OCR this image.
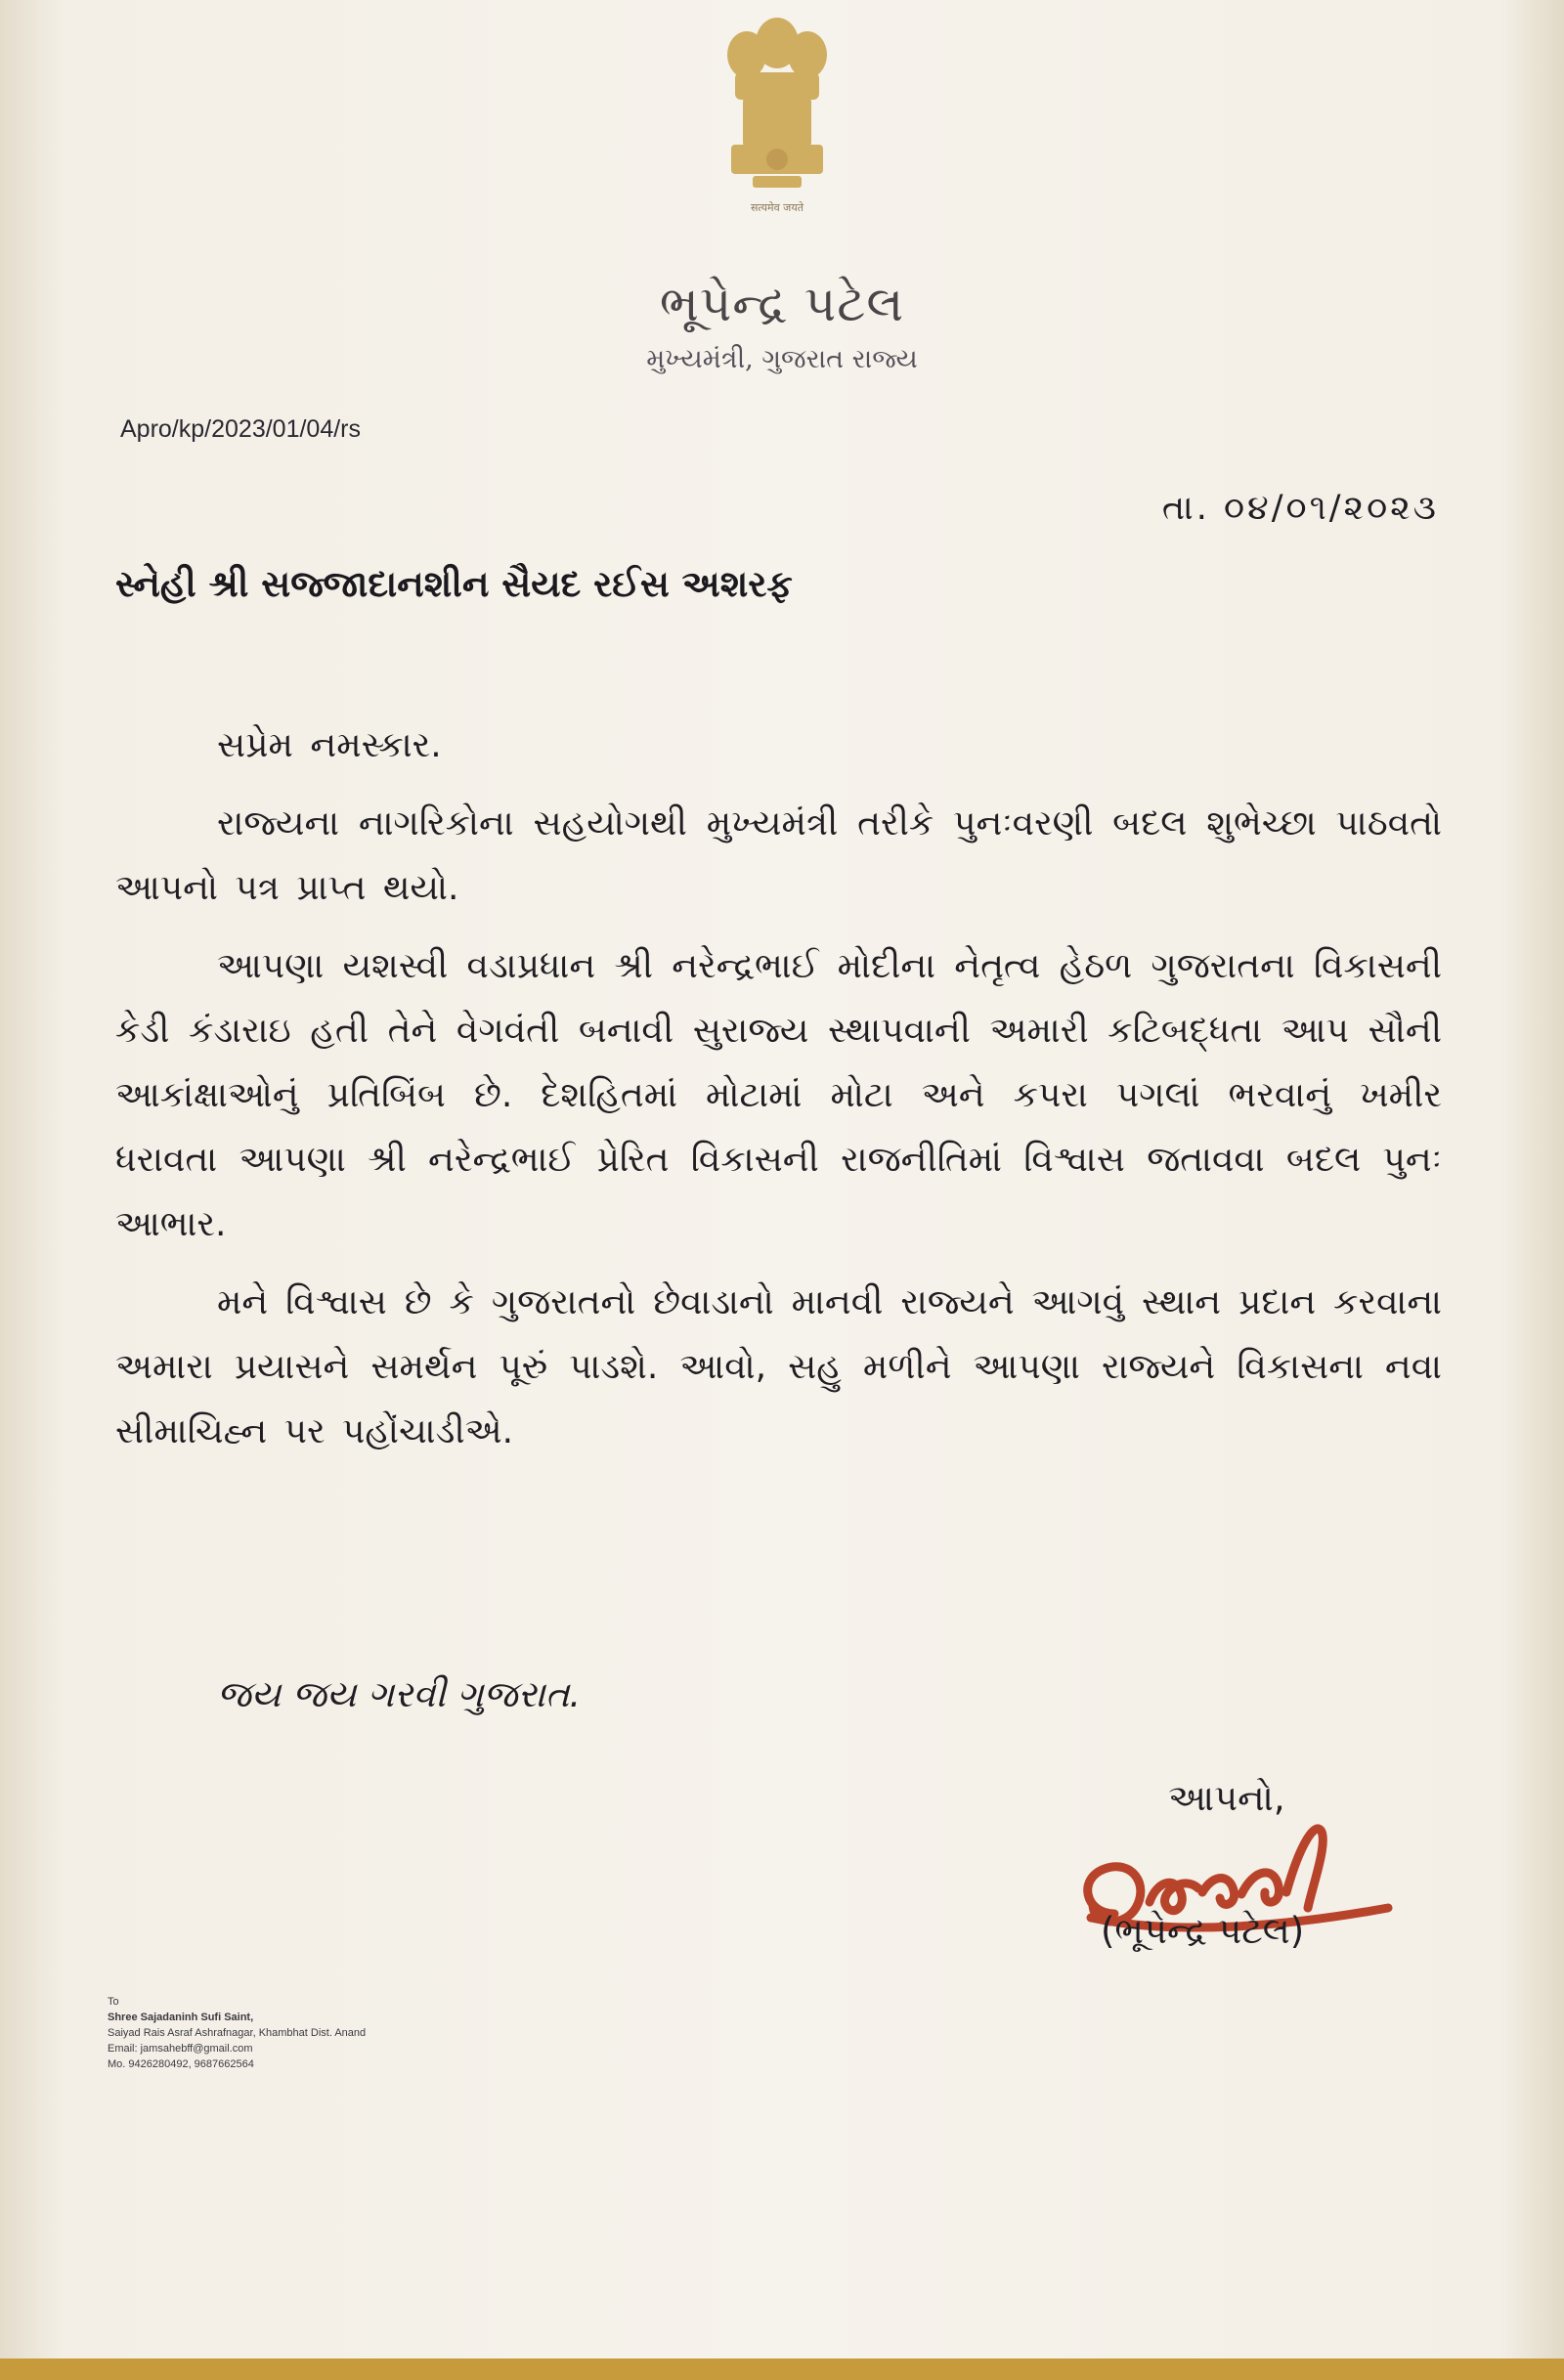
सत्यमेव जयते
ભૂપેન્દ્ર પટેલ
મુખ્યમંત્રી, ગુજરાત રાજ્ય
Apro/kp/2023/01/04/rs
તા. ૦૪/૦૧/૨૦૨૩
સ્નેહી શ્રી સજ્જાદાનશીન સૈયદ રઈસ અશરફ

સપ્રેમ નમસ્કાર.

રાજ્યના નાગરિકોના સહયોગથી મુખ્યમંત્રી તરીકે પુનઃવરણી બદલ શુભેચ્છા પાઠવતો આપનો પત્ર પ્રાપ્ત થયો.

આપણા યશસ્વી વડાપ્રધાન શ્રી નરેન્દ્રભાઈ મોદીના નેતૃત્વ હેઠળ ગુજરાતના વિકાસની કેડી કંડારાઇ હતી તેને વેગવંતી બનાવી સુરાજ્ય સ્થાપવાની અમારી કટિબદ્ધતા આપ સૌની આકાંક્ષાઓનું પ્રતિબિંબ છે. દેશહિતમાં મોટામાં મોટા અને કપરા પગલાં ભરવાનું ખમીર ધરાવતા આપણા શ્રી નરેન્દ્રભાઈ પ્રેરિત વિકાસની રાજનીતિમાં વિશ્વાસ જતાવવા બદલ પુનઃ આભાર.

મને વિશ્વાસ છે કે ગુજરાતનો છેવાડાનો માનવી રાજ્યને આગવું સ્થાન પ્રદાન કરવાના અમારા પ્રયાસને સમર્થન પૂરું પાડશે. આવો, સહુ મળીને આપણા રાજ્યને વિકાસના નવા સીમાચિહ્ન પર પહોંચાડીએ.

જય જય ગરવી ગુજરાત.
આપનો,
(ભૂપેન્દ્ર પટેલ)
To
Shree Sajadaninh Sufi Saint,
Saiyad Rais Asraf Ashrafnagar, Khambhat Dist. Anand
Email: jamsahebff@gmail.com
Mo. 9426280492, 9687662564
